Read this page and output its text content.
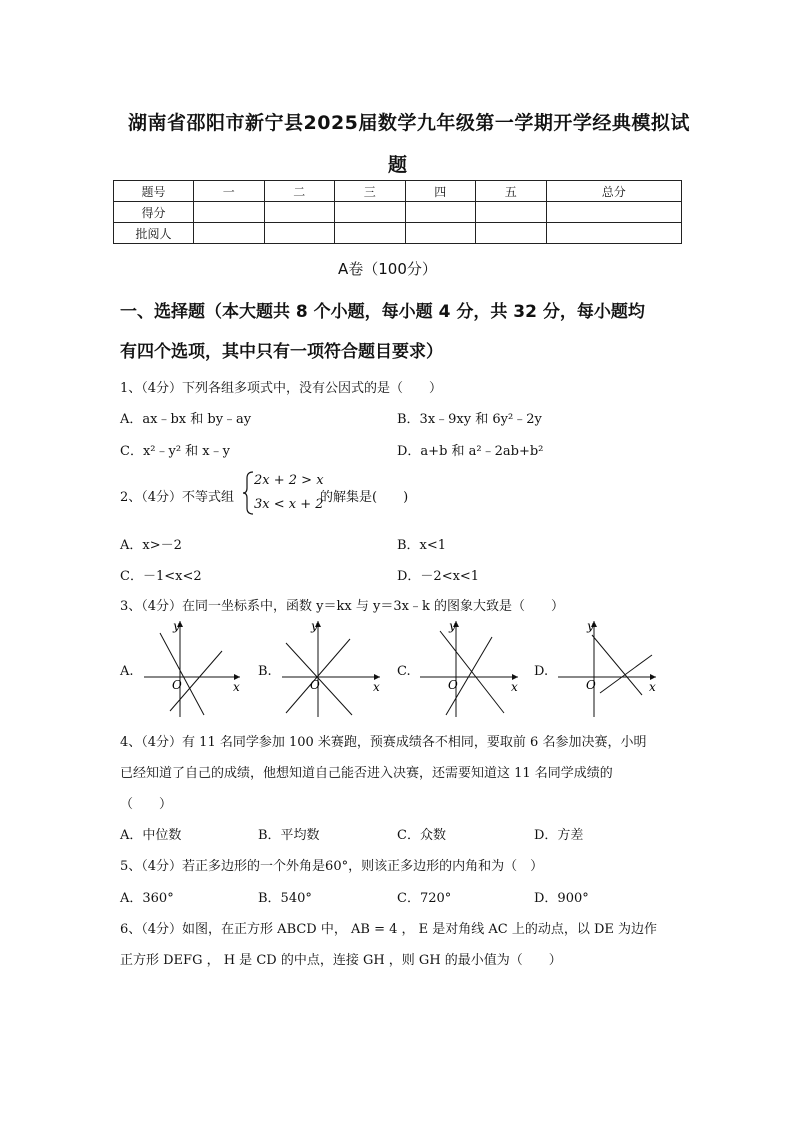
湖南省邵阳市新宁县2025届数学九年级第一学期开学经典模拟试
题
题号	一	二	三	四	五	总分
得分						
批阅人						
A卷（100分）
一、选择题（本大题共 8 个小题，每小题 4 分，共 32 分，每小题均
有四个选项，其中只有一项符合题目要求）
1、（4分）下列各组多项式中，没有公因式的是（　　）
A．ax﹣bx 和 by﹣ay	B．3x﹣9xy 和 6y²﹣2y
C．x²﹣y² 和 x﹣y	D．a+b 和 a²﹣2ab+b²
2、（4分）不等式组
2x + 2 > x
3x < x + 2
的解集是(　　)
A．x>－2	B．x<1
C．－1<x<2	D．－2<x<1
3、（4分）在同一坐标系中，函数 y＝kx 与 y＝3x﹣k 的图象大致是（　　）
A.
y
x
O
B.
y
x
O
C.
y
x
O
D.
y
x
O
4、（4分）有 11 名同学参加 100 米赛跑，预赛成绩各不相同，要取前 6 名参加决赛，小明
已经知道了自己的成绩，他想知道自己能否进入决赛，还需要知道这 11 名同学成绩的
（　　）
A．中位数	B．平均数	C．众数	D．方差
5、（4分）若正多边形的一个外角是60°，则该正多边形的内角和为（　）
A．360°	B．540°	C．720°	D．900°
6、（4分）如图，在正方形 ABCD 中， AB = 4 ， E 是对角线 AC 上的动点，以 DE 为边作
正方形 DEFG ， H 是 CD 的中点，连接 GH ，则 GH 的最小值为（　　）
